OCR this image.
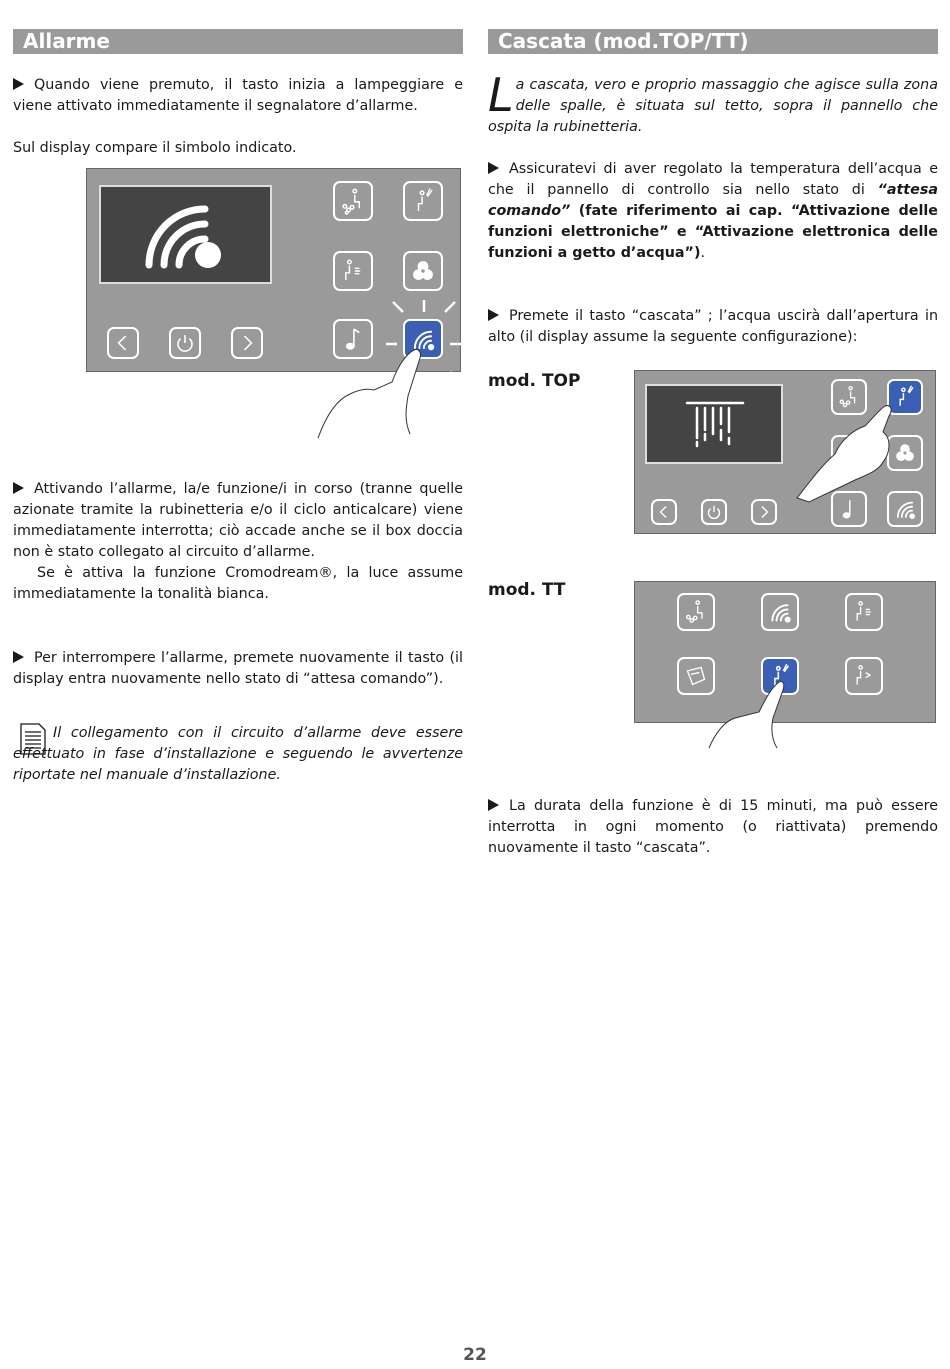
Allarme

Quando viene premuto, il tasto inizia a lampeggiare e viene attivato immediatamente il segnalatore d’allarme.

Sul display compare il simbolo indicato.

Attivando l’allarme, la/e funzione/i in corso (tranne quelle azionate tramite la rubinetteria e/o il ciclo anticalcare) viene immediatamente interrotta; ciò accade anche se il box doccia non è stato collegato al circuito d’allarme.

Se è attiva la funzione Cromodream®, la luce assume immediatamente la tonalità bianca.

Per interrompere l’allarme, premete nuovamente il tasto (il display entra nuovamente nello stato di “attesa comando”).

Il collegamento con il circuito d’allarme deve essere effettuato in fase d’installazione e seguendo le avvertenze riportate nel manuale d’installazione.

Cascata (mod.TOP/TT)

La cascata, vero e proprio massaggio che agisce sulla zona delle spalle, è situata sul tetto, sopra il pannello che ospita la rubinetteria.

Assicuratevi di aver regolato la temperatura dell’acqua e che il pannello di controllo sia nello stato di “attesa comando” (fate riferimento ai cap. “Attivazione delle funzioni elettroniche” e “Attivazione elettronica delle funzioni a getto d’acqua”).

Premete il tasto “cascata” ; l’acqua uscirà dall’apertura in alto (il display assume la seguente configurazione):

mod. TOP
mod. TT

La durata della funzione è di 15 minuti, ma può essere interrotta in ogni momento (o riattivata) premendo nuovamente il tasto “cascata”.

22
